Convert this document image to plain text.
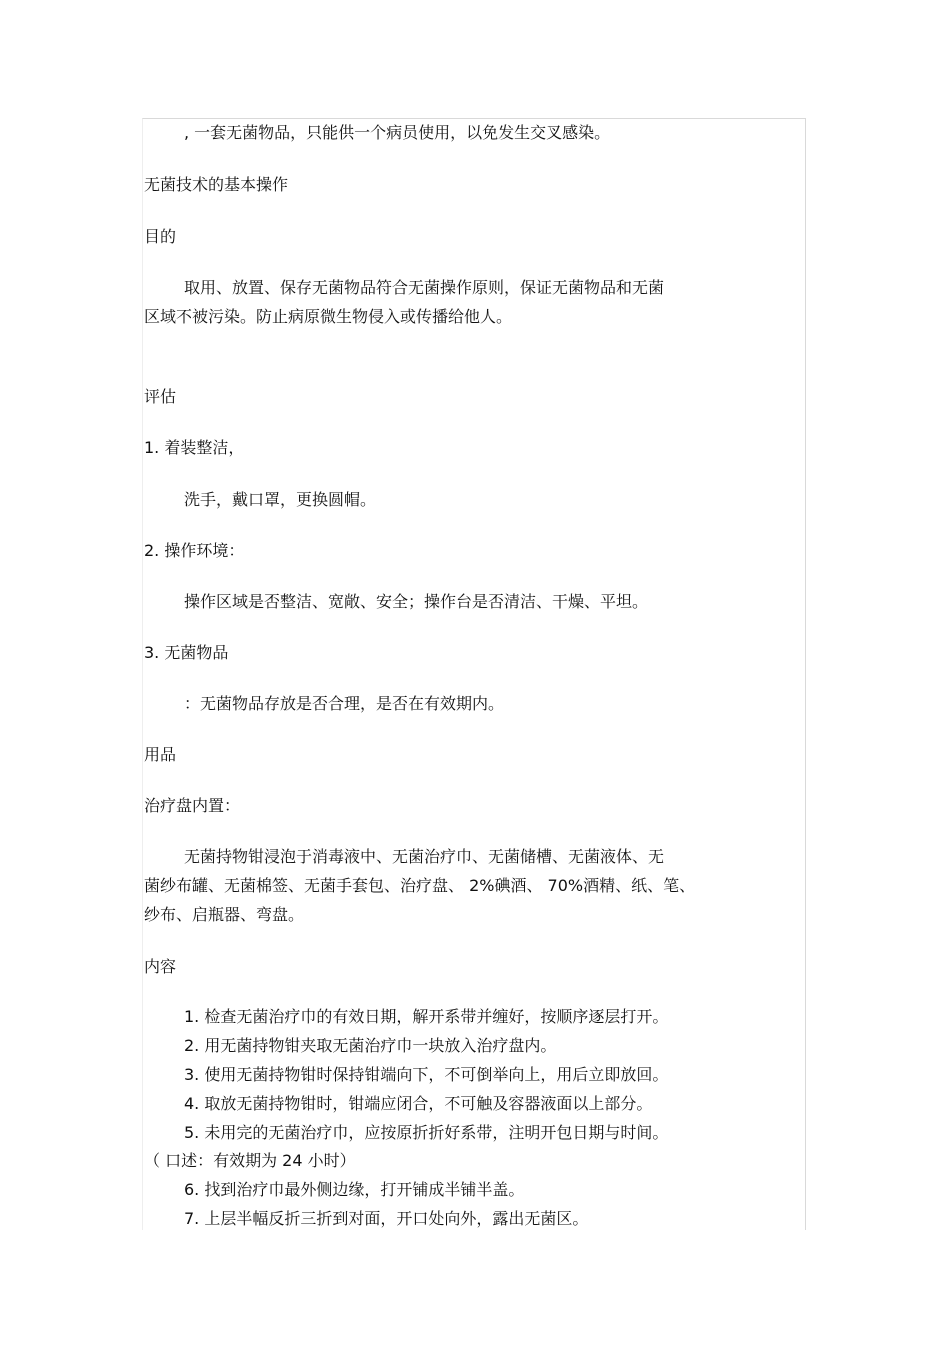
, 一套无菌物品，只能供一个病员使用，以免发生交叉感染。
无菌技术的基本操作
目的
取用、放置、保存无菌物品符合无菌操作原则，保证无菌物品和无菌
区域不被污染。防止病原微生物侵入或传播给他人。
评估
1. 着装整洁，
洗手，戴口罩，更换圆帽。
2. 操作环境：
操作区域是否整洁、宽敞、安全；操作台是否清洁、干燥、平坦。
3. 无菌物品
：无菌物品存放是否合理，是否在有效期内。
用品
治疗盘内置：
无菌持物钳浸泡于消毒液中、无菌治疗巾、无菌储槽、无菌液体、无
菌纱布罐、无菌棉签、无菌手套包、治疗盘、 2%碘酒、 70%酒精、纸、笔、
纱布、启瓶器、弯盘。
内容
1. 检查无菌治疗巾的有效日期，解开系带并缠好，按顺序逐层打开。
2. 用无菌持物钳夹取无菌治疗巾一块放入治疗盘内。
3. 使用无菌持物钳时保持钳端向下，不可倒举向上，用后立即放回。
4. 取放无菌持物钳时，钳端应闭合，不可触及容器液面以上部分。
5. 未用完的无菌治疗巾，应按原折折好系带，注明开包日期与时间。
（ 口述：有效期为 24 小时）
6. 找到治疗巾最外侧边缘，打开铺成半铺半盖。
7. 上层半幅反折三折到对面，开口处向外，露出无菌区。
